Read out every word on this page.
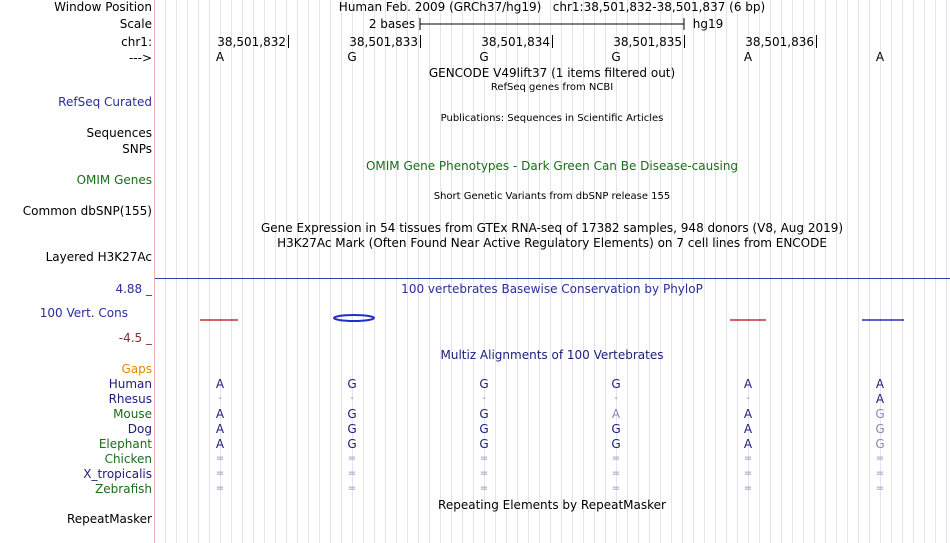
Window Position
Scale
chr1:
--->
RefSeq Curated
Sequences
SNPs
OMIM Genes
Common dbSNP(155)
Layered H3K27Ac
4.88 _
100 Vert. Cons
-4.5 _
Gaps
RepeatMasker
Human Feb. 2009 (GRCh37/hg19) chr1:38,501,832-38,501,837 (6 bp)
2 bases	hg19
38,501,832	38,501,833	38,501,834	38,501,835	38,501,836
A	G	G	G	A	A
GENCODE V49lift37 (1 items filtered out)
RefSeq genes from NCBI
Publications: Sequences in Scientific Articles
OMIM Gene Phenotypes - Dark Green Can Be Disease-causing
Short Genetic Variants from dbSNP release 155
Gene Expression in 54 tissues from GTEx RNA-seq of 17382 samples, 948 donors (V8, Aug 2019)
H3K27Ac Mark (Often Found Near Active Regulatory Elements) on 7 cell lines from ENCODE
100 vertebrates Basewise Conservation by PhyloP
Multiz Alignments of 100 Vertebrates
Human	A	G	G	G	A	A
Rhesus	-	-	-	-	-	A
Mouse	A	G	G	A	A	G
Dog	A	G	G	G	A	G
Elephant	A	G	G	G	A	G
Chicken	=	=	=	=	=	=
X_tropicalis	=	=	=	=	=	=
Zebrafish	=	=	=	=	=	=
Repeating Elements by RepeatMasker
